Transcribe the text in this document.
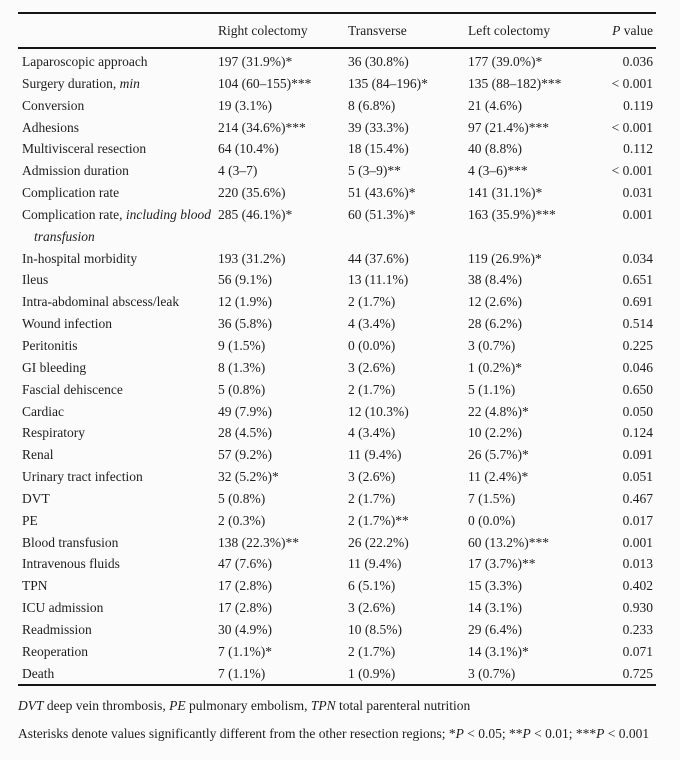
	Right colectomy	Transverse	Left colectomy	P value
Laparoscopic approach	197 (31.9%)*	36 (30.8%)	177 (39.0%)*	0.036
Surgery duration, min	104 (60–155)***	135 (84–196)*	135 (88–182)***	< 0.001
Conversion	19 (3.1%)	8 (6.8%)	21 (4.6%)	0.119
Adhesions	214 (34.6%)***	39 (33.3%)	97 (21.4%)***	< 0.001
Multivisceral resection	64 (10.4%)	18 (15.4%)	40 (8.8%)	0.112
Admission duration	4 (3–7)	5 (3–9)**	4 (3–6)***	< 0.001
Complication rate	220 (35.6%)	51 (43.6%)*	141 (31.1%)*	0.031
Complication rate, including blood transfusion	285 (46.1%)*	60 (51.3%)*	163 (35.9%)***	0.001
In-hospital morbidity	193 (31.2%)	44 (37.6%)	119 (26.9%)*	0.034
Ileus	56 (9.1%)	13 (11.1%)	38 (8.4%)	0.651
Intra-abdominal abscess/leak	12 (1.9%)	2 (1.7%)	12 (2.6%)	0.691
Wound infection	36 (5.8%)	4 (3.4%)	28 (6.2%)	0.514
Peritonitis	9 (1.5%)	0 (0.0%)	3 (0.7%)	0.225
GI bleeding	8 (1.3%)	3 (2.6%)	1 (0.2%)*	0.046
Fascial dehiscence	5 (0.8%)	2 (1.7%)	5 (1.1%)	0.650
Cardiac	49 (7.9%)	12 (10.3%)	22 (4.8%)*	0.050
Respiratory	28 (4.5%)	4 (3.4%)	10 (2.2%)	0.124
Renal	57 (9.2%)	11 (9.4%)	26 (5.7%)*	0.091
Urinary tract infection	32 (5.2%)*	3 (2.6%)	11 (2.4%)*	0.051
DVT	5 (0.8%)	2 (1.7%)	7 (1.5%)	0.467
PE	2 (0.3%)	2 (1.7%)**	0 (0.0%)	0.017
Blood transfusion	138 (22.3%)**	26 (22.2%)	60 (13.2%)***	0.001
Intravenous fluids	47 (7.6%)	11 (9.4%)	17 (3.7%)**	0.013
TPN	17 (2.8%)	6 (5.1%)	15 (3.3%)	0.402
ICU admission	17 (2.8%)	3 (2.6%)	14 (3.1%)	0.930
Readmission	30 (4.9%)	10 (8.5%)	29 (6.4%)	0.233
Reoperation	7 (1.1%)*	2 (1.7%)	14 (3.1%)*	0.071
Death	7 (1.1%)	1 (0.9%)	3 (0.7%)	0.725

DVT deep vein thrombosis, PE pulmonary embolism, TPN total parenteral nutrition

Asterisks denote values significantly different from the other resection regions; *P < 0.05; **P < 0.01; ***P < 0.001
